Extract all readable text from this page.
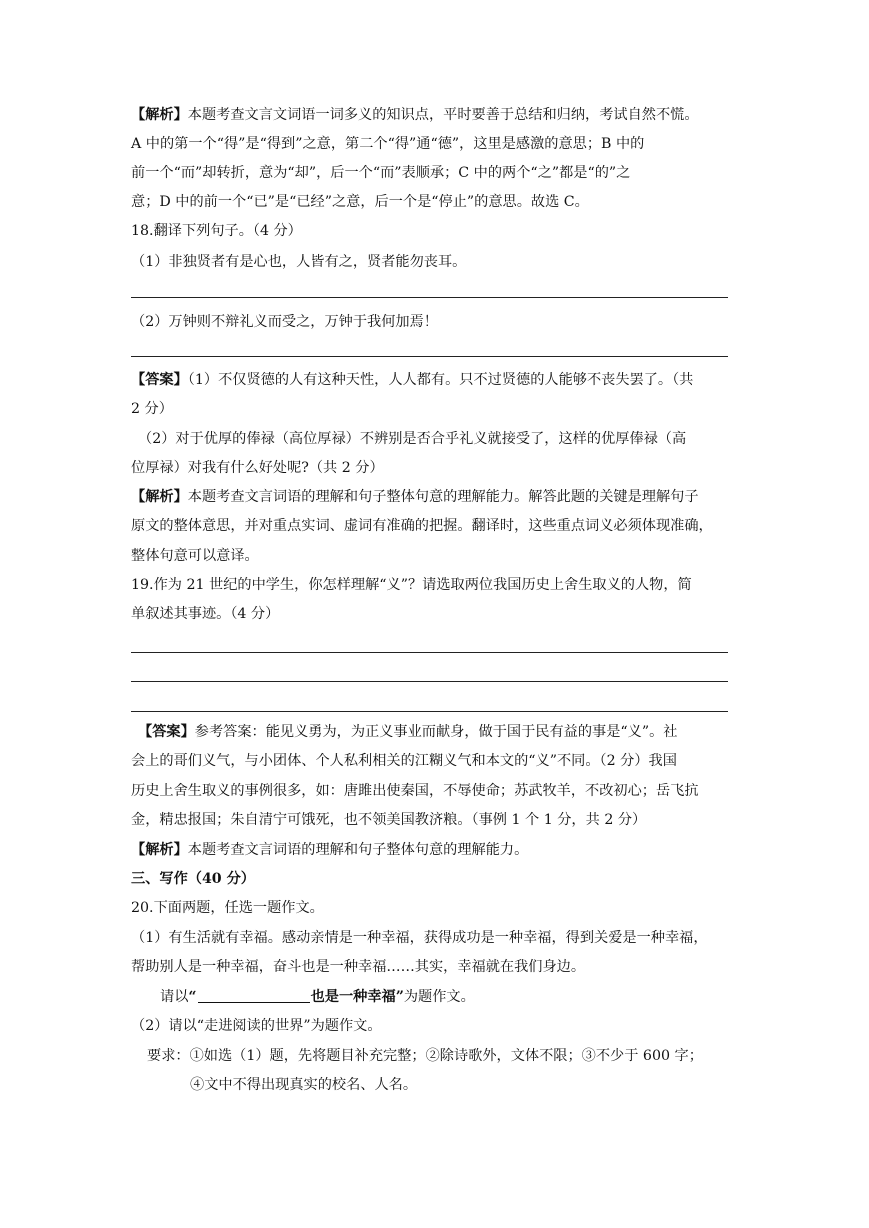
【解析】本题考查文言文词语一词多义的知识点，平时要善于总结和归纳，考试自然不慌。
A 中的第一个“得”是“得到”之意，第二个“得”通“德”，这里是感激的意思；B 中的
前一个“而”却转折，意为“却”，后一个“而”表顺承；C 中的两个“之”都是“的”之
意；D 中的前一个“已”是“已经”之意，后一个是“停止”的意思。故选 C。
18.翻译下列句子。（4 分）
（1）非独贤者有是心也，人皆有之，贤者能勿丧耳。
（2）万钟则不辩礼义而受之，万钟于我何加焉！
【答案】（1）不仅贤德的人有这种天性，人人都有。只不过贤德的人能够不丧失罢了。（共
2 分）
（2）对于优厚的俸禄（高位厚禄）不辨别是否合乎礼义就接受了，这样的优厚俸禄（高
位厚禄）对我有什么好处呢?（共 2 分）
【解析】本题考查文言词语的理解和句子整体句意的理解能力。解答此题的关键是理解句子
原文的整体意思，并对重点实词、虚词有准确的把握。翻译时，这些重点词义必须体现准确，
整体句意可以意译。
19.作为 21 世纪的中学生，你怎样理解“义”？请选取两位我国历史上舍生取义的人物，简
单叙述其事迹。（4 分）
【答案】参考答案：能见义勇为，为正义事业而献身，做于国于民有益的事是“义”。社
会上的哥们义气，与小团体、个人私利相关的江糊义气和本文的“义”不同。（2 分）我国
历史上舍生取义的事例很多，如：唐雎出使秦国，不辱使命；苏武牧羊，不改初心；岳飞抗
金，精忠报国；朱自清宁可饿死，也不领美国教济粮。（事例 1 个 1 分，共 2 分）
【解析】本题考查文言词语的理解和句子整体句意的理解能力。
三、写作（40 分）
20.下面两题，任选一题作文。
（1）有生活就有幸福。感动亲情是一种幸福，获得成功是一种幸福，得到关爱是一种幸福，
帮助别人是一种幸福，奋斗也是一种幸福……其实，幸福就在我们身边。
请以“	也是一种幸福”为题作文。
（2）请以“走进阅读的世界”为题作文。
要求：①如选（1）题，先将题目补充完整；②除诗歌外，文体不限；③不少于 600 字；
④文中不得出现真实的校名、人名。
